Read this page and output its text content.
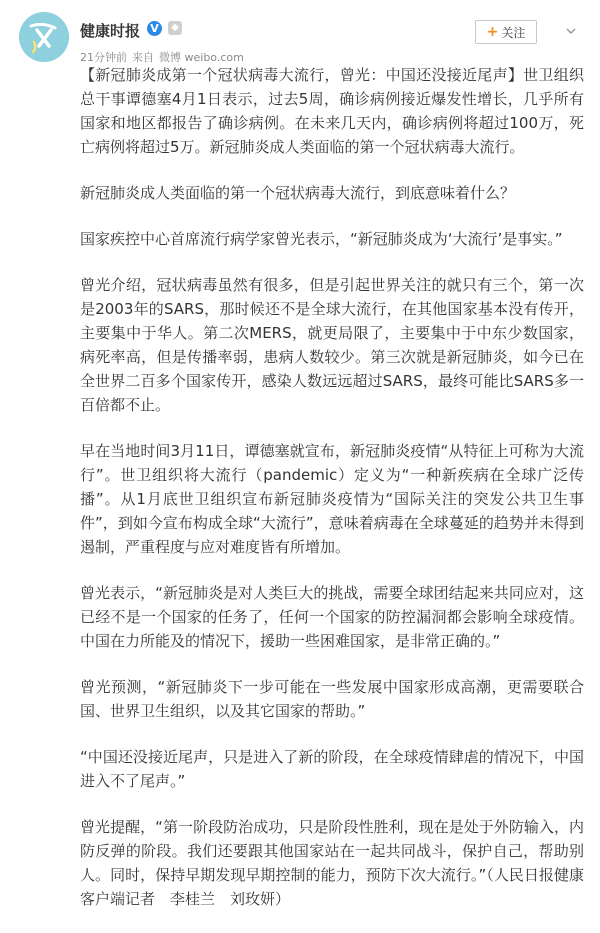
健康时报 V	◆
21分钟前 来自 微博 weibo.com
+ 关注

【新冠肺炎成第一个冠状病毒大流行，曾光：中国还没接近尾声】世卫组织总干事谭德塞4月1日表示，过去5周，确诊病例接近爆发性增长，几乎所有国家和地区都报告了确诊病例。在未来几天内，确诊病例将超过100万，死亡病例将超过5万。新冠肺炎成人类面临的第一个冠状病毒大流行。

新冠肺炎成人类面临的第一个冠状病毒大流行，到底意味着什么？

国家疾控中心首席流行病学家曾光表示，“新冠肺炎成为‘大流行’是事实。”

曾光介绍，冠状病毒虽然有很多，但是引起世界关注的就只有三个，第一次是2003年的SARS，那时候还不是全球大流行，在其他国家基本没有传开，主要集中于华人。第二次MERS，就更局限了，主要集中于中东少数国家，病死率高，但是传播率弱，患病人数较少。第三次就是新冠肺炎，如今已在全世界二百多个国家传开，感染人数远远超过SARS，最终可能比SARS多一百倍都不止。

早在当地时间3月11日，谭德塞就宣布，新冠肺炎疫情“从特征上可称为大流行”。世卫组织将大流行（pandemic）定义为“一种新疾病在全球广泛传播”。从1月底世卫组织宣布新冠肺炎疫情为“国际关注的突发公共卫生事件”，到如今宣布构成全球“大流行”，意味着病毒在全球蔓延的趋势并未得到遏制，严重程度与应对难度皆有所增加。

曾光表示，“新冠肺炎是对人类巨大的挑战，需要全球团结起来共同应对，这已经不是一个国家的任务了，任何一个国家的防控漏洞都会影响全球疫情。中国在力所能及的情况下，援助一些困难国家，是非常正确的。”

曾光预测，“新冠肺炎下一步可能在一些发展中国家形成高潮，更需要联合国、世界卫生组织，以及其它国家的帮助。”

“中国还没接近尾声，只是进入了新的阶段，在全球疫情肆虐的情况下，中国进入不了尾声。”

曾光提醒，“第一阶段防治成功，只是阶段性胜利，现在是处于外防输入，内防反弹的阶段。我们还要跟其他国家站在一起共同战斗，保护自己，帮助别人。同时，保持早期发现早期控制的能力，预防下次大流行。”（人民日报健康客户端记者　李桂兰　刘玫妍）
